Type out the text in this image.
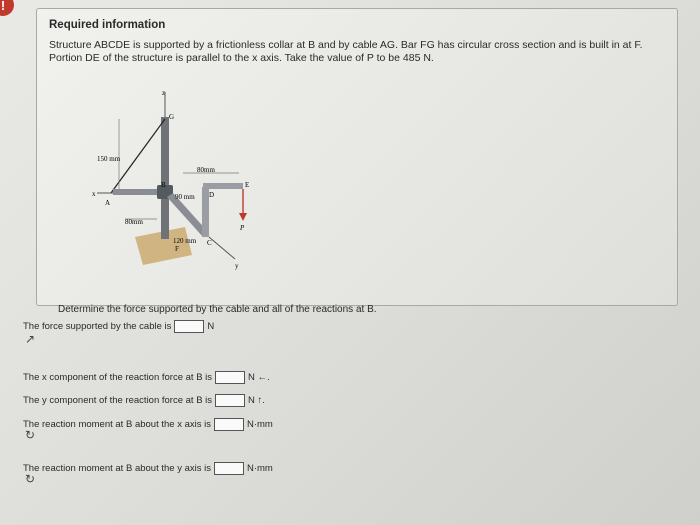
!
Required information
Structure ABCDE is supported by a frictionless collar at B and by cable AG. Bar FG has circular cross section and is built in at F. Portion DE of the structure is parallel to the x axis. Take the value of P to be 485 N.
z
G
x
A
150 mm
B
C
D
E
80mm
90 mm
P
80mm
120 mm
F
y
Determine the force supported by the cable and all of the reactions at B.
The force supported by the cable is	N
↗
The x component of the reaction force at B is	N ←.
The y component of the reaction force at B is	N ↑.
The reaction moment at B about the x axis is	N·mm
↻
The reaction moment at B about the y axis is	N·mm
↻
